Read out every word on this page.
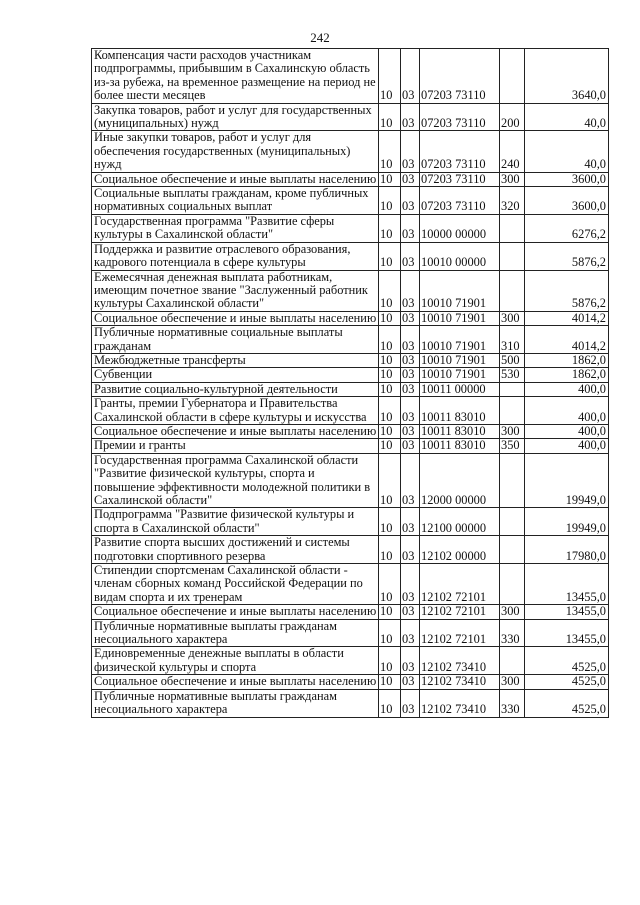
242
Компенсация части расходов участникам подпрограммы, прибывшим в Сахалинскую область из-за рубежа, на временное размещение на период не более шести месяцев	10	03	07203 73110		3640,0
Закупка товаров, работ и услуг для государственных (муниципальных) нужд	10	03	07203 73110	200	40,0
Иные закупки товаров, работ и услуг для обеспечения государственных (муниципальных) нужд	10	03	07203 73110	240	40,0
Социальное обеспечение и иные выплаты населению	10	03	07203 73110	300	3600,0
Социальные выплаты гражданам, кроме публичных нормативных социальных выплат	10	03	07203 73110	320	3600,0
Государственная программа "Развитие сферы культуры в Сахалинской области"	10	03	10000 00000		6276,2
Поддержка и развитие отраслевого образования, кадрового потенциала в сфере культуры	10	03	10010 00000		5876,2
Ежемесячная денежная выплата работникам, имеющим почетное звание "Заслуженный работник культуры Сахалинской области"	10	03	10010 71901		5876,2
Социальное обеспечение и иные выплаты населению	10	03	10010 71901	300	4014,2
Публичные нормативные социальные выплаты гражданам	10	03	10010 71901	310	4014,2
Межбюджетные трансферты	10	03	10010 71901	500	1862,0
Субвенции	10	03	10010 71901	530	1862,0
Развитие социально-культурной деятельности	10	03	10011 00000		400,0
Гранты, премии Губернатора и Правительства Сахалинской области в сфере культуры и искусства	10	03	10011 83010		400,0
Социальное обеспечение и иные выплаты населению	10	03	10011 83010	300	400,0
Премии и гранты	10	03	10011 83010	350	400,0
Государственная программа Сахалинской области "Развитие физической культуры, спорта и повышение эффективности молодежной политики в Сахалинской области"	10	03	12000 00000		19949,0
Подпрограмма "Развитие физической культуры и спорта в Сахалинской области"	10	03	12100 00000		19949,0
Развитие спорта высших достижений и системы подготовки спортивного резерва	10	03	12102 00000		17980,0
Стипендии спортсменам Сахалинской области - членам сборных команд Российской Федерации по видам спорта и их тренерам	10	03	12102 72101		13455,0
Социальное обеспечение и иные выплаты населению	10	03	12102 72101	300	13455,0
Публичные нормативные выплаты гражданам несоциального характера	10	03	12102 72101	330	13455,0
Единовременные денежные выплаты в области физической культуры и спорта	10	03	12102 73410		4525,0
Социальное обеспечение и иные выплаты населению	10	03	12102 73410	300	4525,0
Публичные нормативные выплаты гражданам несоциального характера	10	03	12102 73410	330	4525,0
